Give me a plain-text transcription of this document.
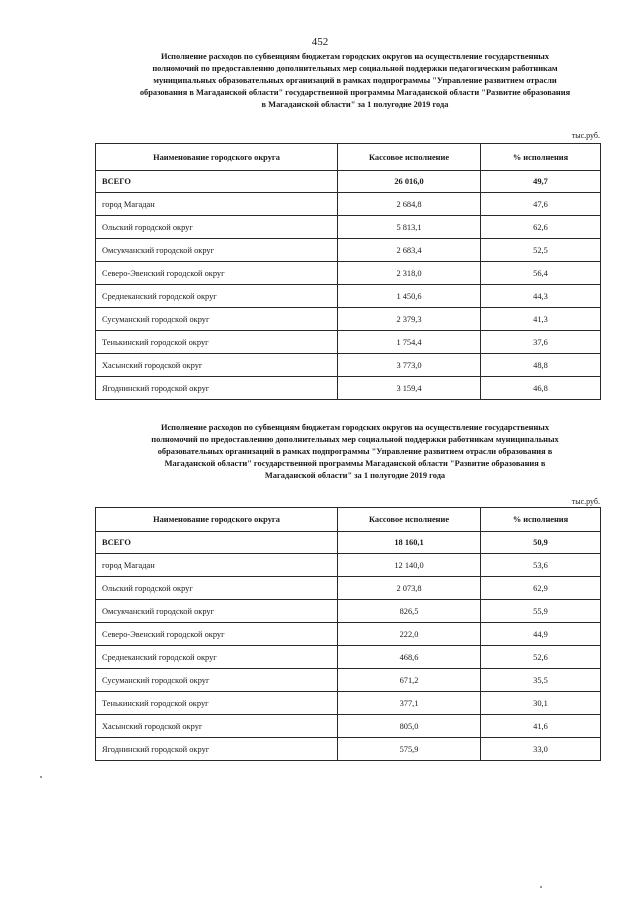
452
Исполнение расходов по субвенциям бюджетам городских округов на осуществление государственных
полномочий по предоставлению дополнительных мер социальной поддержки педагогическим работникам
муниципальных образовательных организаций в рамках подпрограммы "Управление развитием отрасли
образования в Магаданской области" государственной программы Магаданской области "Развитие образования
в Магаданской области" за 1 полугодие 2019 года
тыс.руб.
Наименование городского округа	Кассовое исполнение	% исполнения
ВСЕГО	26 016,0	49,7
город Магадан	2 684,8	47,6
Ольский городской округ	5 813,1	62,6
Омсукчанский городской округ	2 683,4	52,5
Северо-Эвенский городской округ	2 318,0	56,4
Среднеканский городской округ	1 450,6	44,3
Сусуманский городской округ	2 379,3	41,3
Тенькинский городской округ	1 754,4	37,6
Хасынский городской округ	3 773,0	48,8
Ягоднинский городской округ	3 159,4	46,8
Исполнение расходов по субвенциям бюджетам городских округов на осуществление государственных
полномочий по предоставлению дополнительных мер социальной поддержки работникам муниципальных
образовательных организаций в рамках подпрограммы "Управление развитием отрасли образования в
Магаданской области" государственной программы Магаданской области "Развитие образования в
Магаданской области" за 1 полугодие 2019 года
тыс.руб.
Наименование городского округа	Кассовое исполнение	% исполнения
ВСЕГО	18 160,1	50,9
город Магадан	12 140,0	53,6
Ольский городской округ	2 073,8	62,9
Омсукчанский городской округ	826,5	55,9
Северо-Эвенский городской округ	222,0	44,9
Среднеканский городской округ	468,6	52,6
Сусуманский городской округ	671,2	35,5
Тенькинский городской округ	377,1	30,1
Хасынский городской округ	805,0	41,6
Ягоднинский городской округ	575,9	33,0
